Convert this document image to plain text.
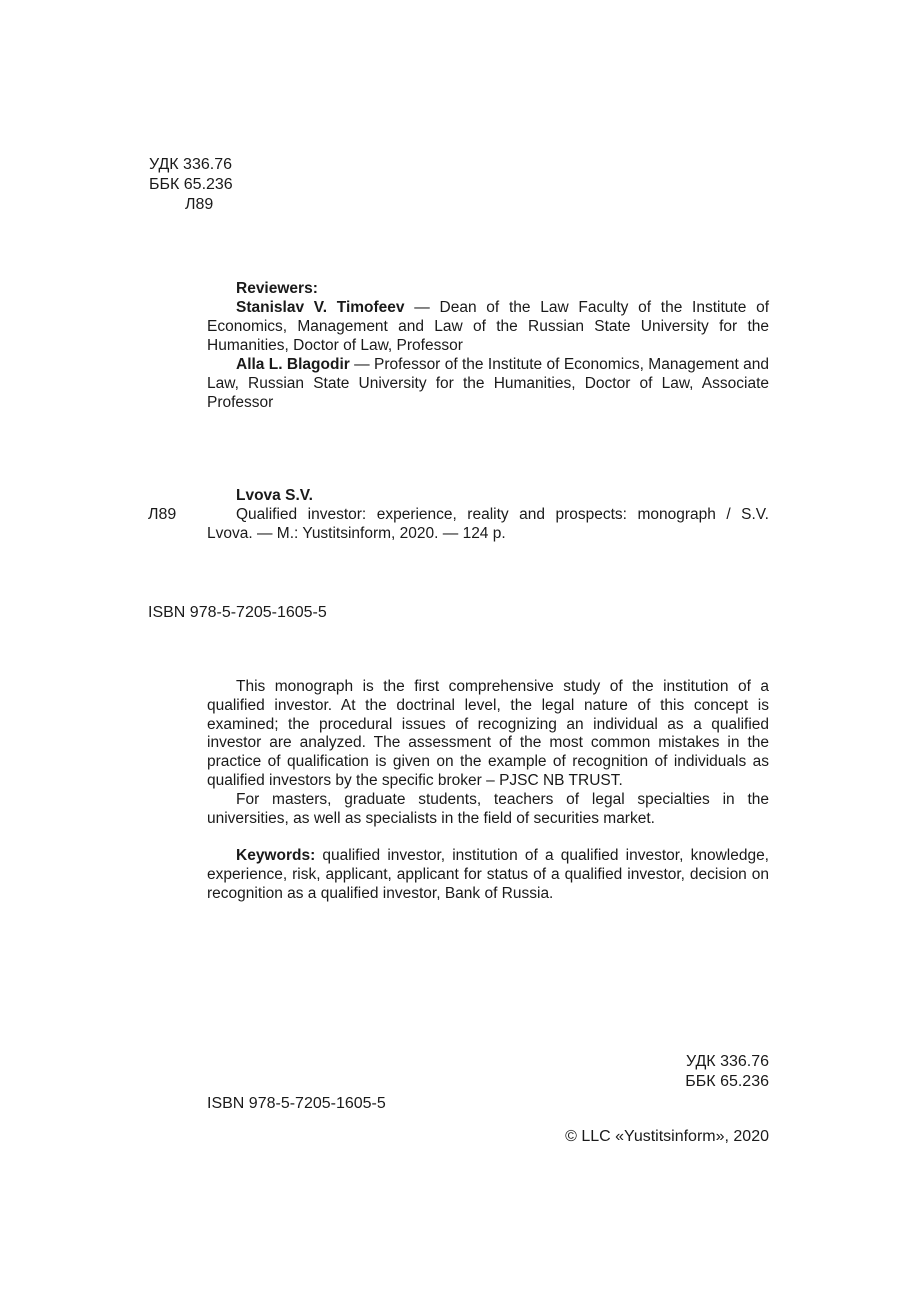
УДК 336.76
ББК 65.236
Л89
Reviewers:

Stanislav V. Timofeev — Dean of the Law Faculty of the Institute of Economics, Management and Law of the Russian State University for the Humanities, Doctor of Law, Professor

Alla L. Blagodir — Professor of the Institute of Economics, Management and Law, Russian State University for the Humanities, Doctor of Law, Associate Professor

Л89
Lvova S.V.

Qualified investor: experience, reality and prospects: monograph / S.V. Lvova. — M.: Yustitsinform, 2020. — 124 p.

ISBN 978-5-7205-1605-5

This monograph is the first comprehensive study of the institution of a qualified investor. At the doctrinal level, the legal nature of this concept is examined; the procedural issues of recognizing an individual as a qualified investor are analyzed. The assessment of the most common mistakes in the practice of qualification is given on the example of recognition of individuals as qualified investors by the specific broker – PJSC NB TRUST.

For masters, graduate students, teachers of legal specialties in the universities, as well as specialists in the field of securities market.

Keywords: qualified investor, institution of a qualified investor, knowledge, experience, risk, applicant, applicant for status of a qualified investor, decision on recognition as a qualified investor, Bank of Russia.

УДК 336.76
ББК 65.236
ISBN 978-5-7205-1605-5
© LLC «Yustitsinform», 2020
